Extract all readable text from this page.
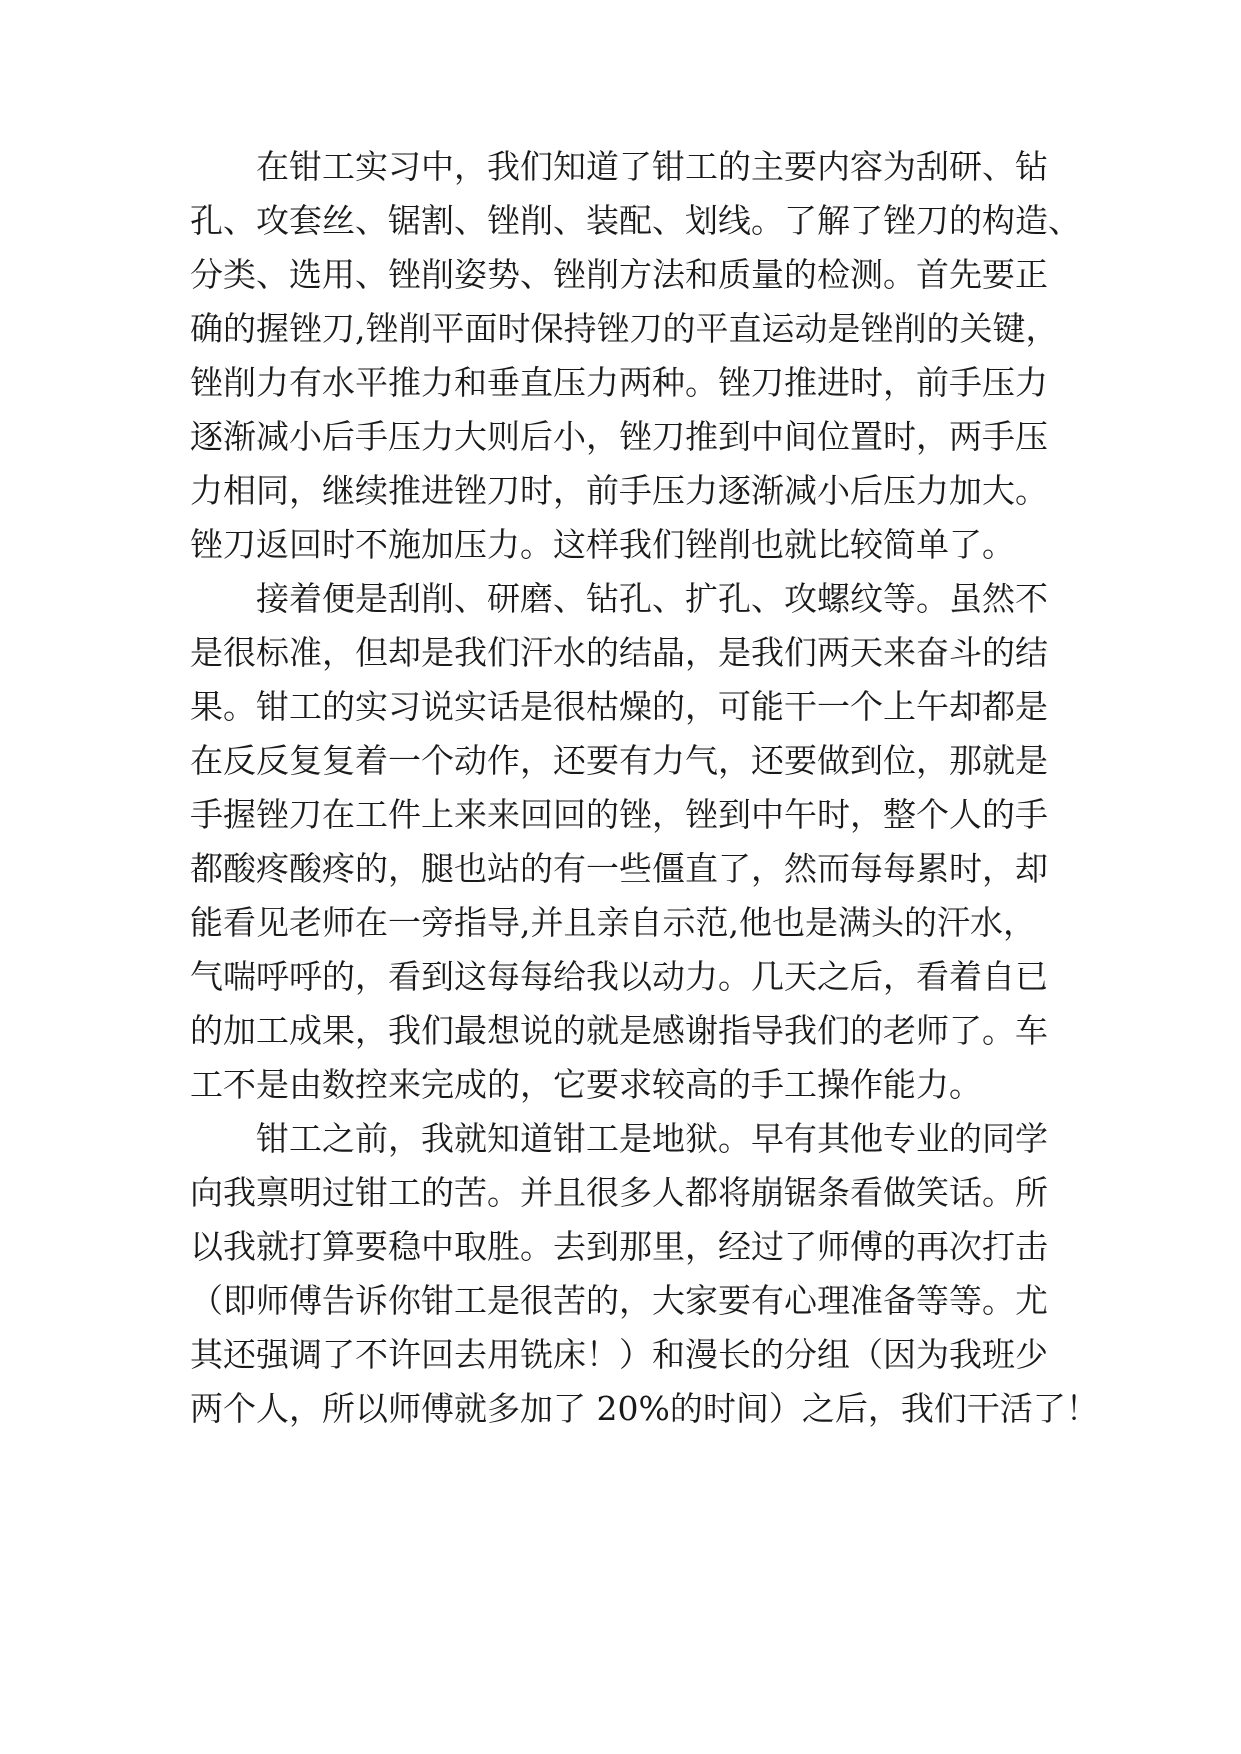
　　在钳工实习中，我们知道了钳工的主要内容为刮研、钻
孔、攻套丝、锯割、锉削、装配、划线。了解了锉刀的构造、
分类、选用、锉削姿势、锉削方法和质量的检测。首先要正
确的握锉刀,锉削平面时保持锉刀的平直运动是锉削的关键，
锉削力有水平推力和垂直压力两种。锉刀推进时，前手压力
逐渐减小后手压力大则后小，锉刀推到中间位置时，两手压
力相同，继续推进锉刀时，前手压力逐渐减小后压力加大。
锉刀返回时不施加压力。这样我们锉削也就比较简单了。
　　接着便是刮削、研磨、钻孔、扩孔、攻螺纹等。虽然不
是很标准，但却是我们汗水的结晶，是我们两天来奋斗的结
果。钳工的实习说实话是很枯燥的，可能干一个上午却都是
在反反复复着一个动作，还要有力气，还要做到位，那就是
手握锉刀在工件上来来回回的锉，锉到中午时，整个人的手
都酸疼酸疼的，腿也站的有一些僵直了，然而每每累时，却
能看见老师在一旁指导,并且亲自示范,他也是满头的汗水，
气喘呼呼的，看到这每每给我以动力。几天之后，看着自已
的加工成果，我们最想说的就是感谢指导我们的老师了。车
工不是由数控来完成的，它要求较高的手工操作能力。
　　钳工之前，我就知道钳工是地狱。早有其他专业的同学
向我禀明过钳工的苦。并且很多人都将崩锯条看做笑话。所
以我就打算要稳中取胜。去到那里，经过了师傅的再次打击
（即师傅告诉你钳工是很苦的，大家要有心理准备等等。尤
其还强调了不许回去用铣床！）和漫长的分组（因为我班少
两个人，所以师傅就多加了 20%的时间）之后，我们干活了！
